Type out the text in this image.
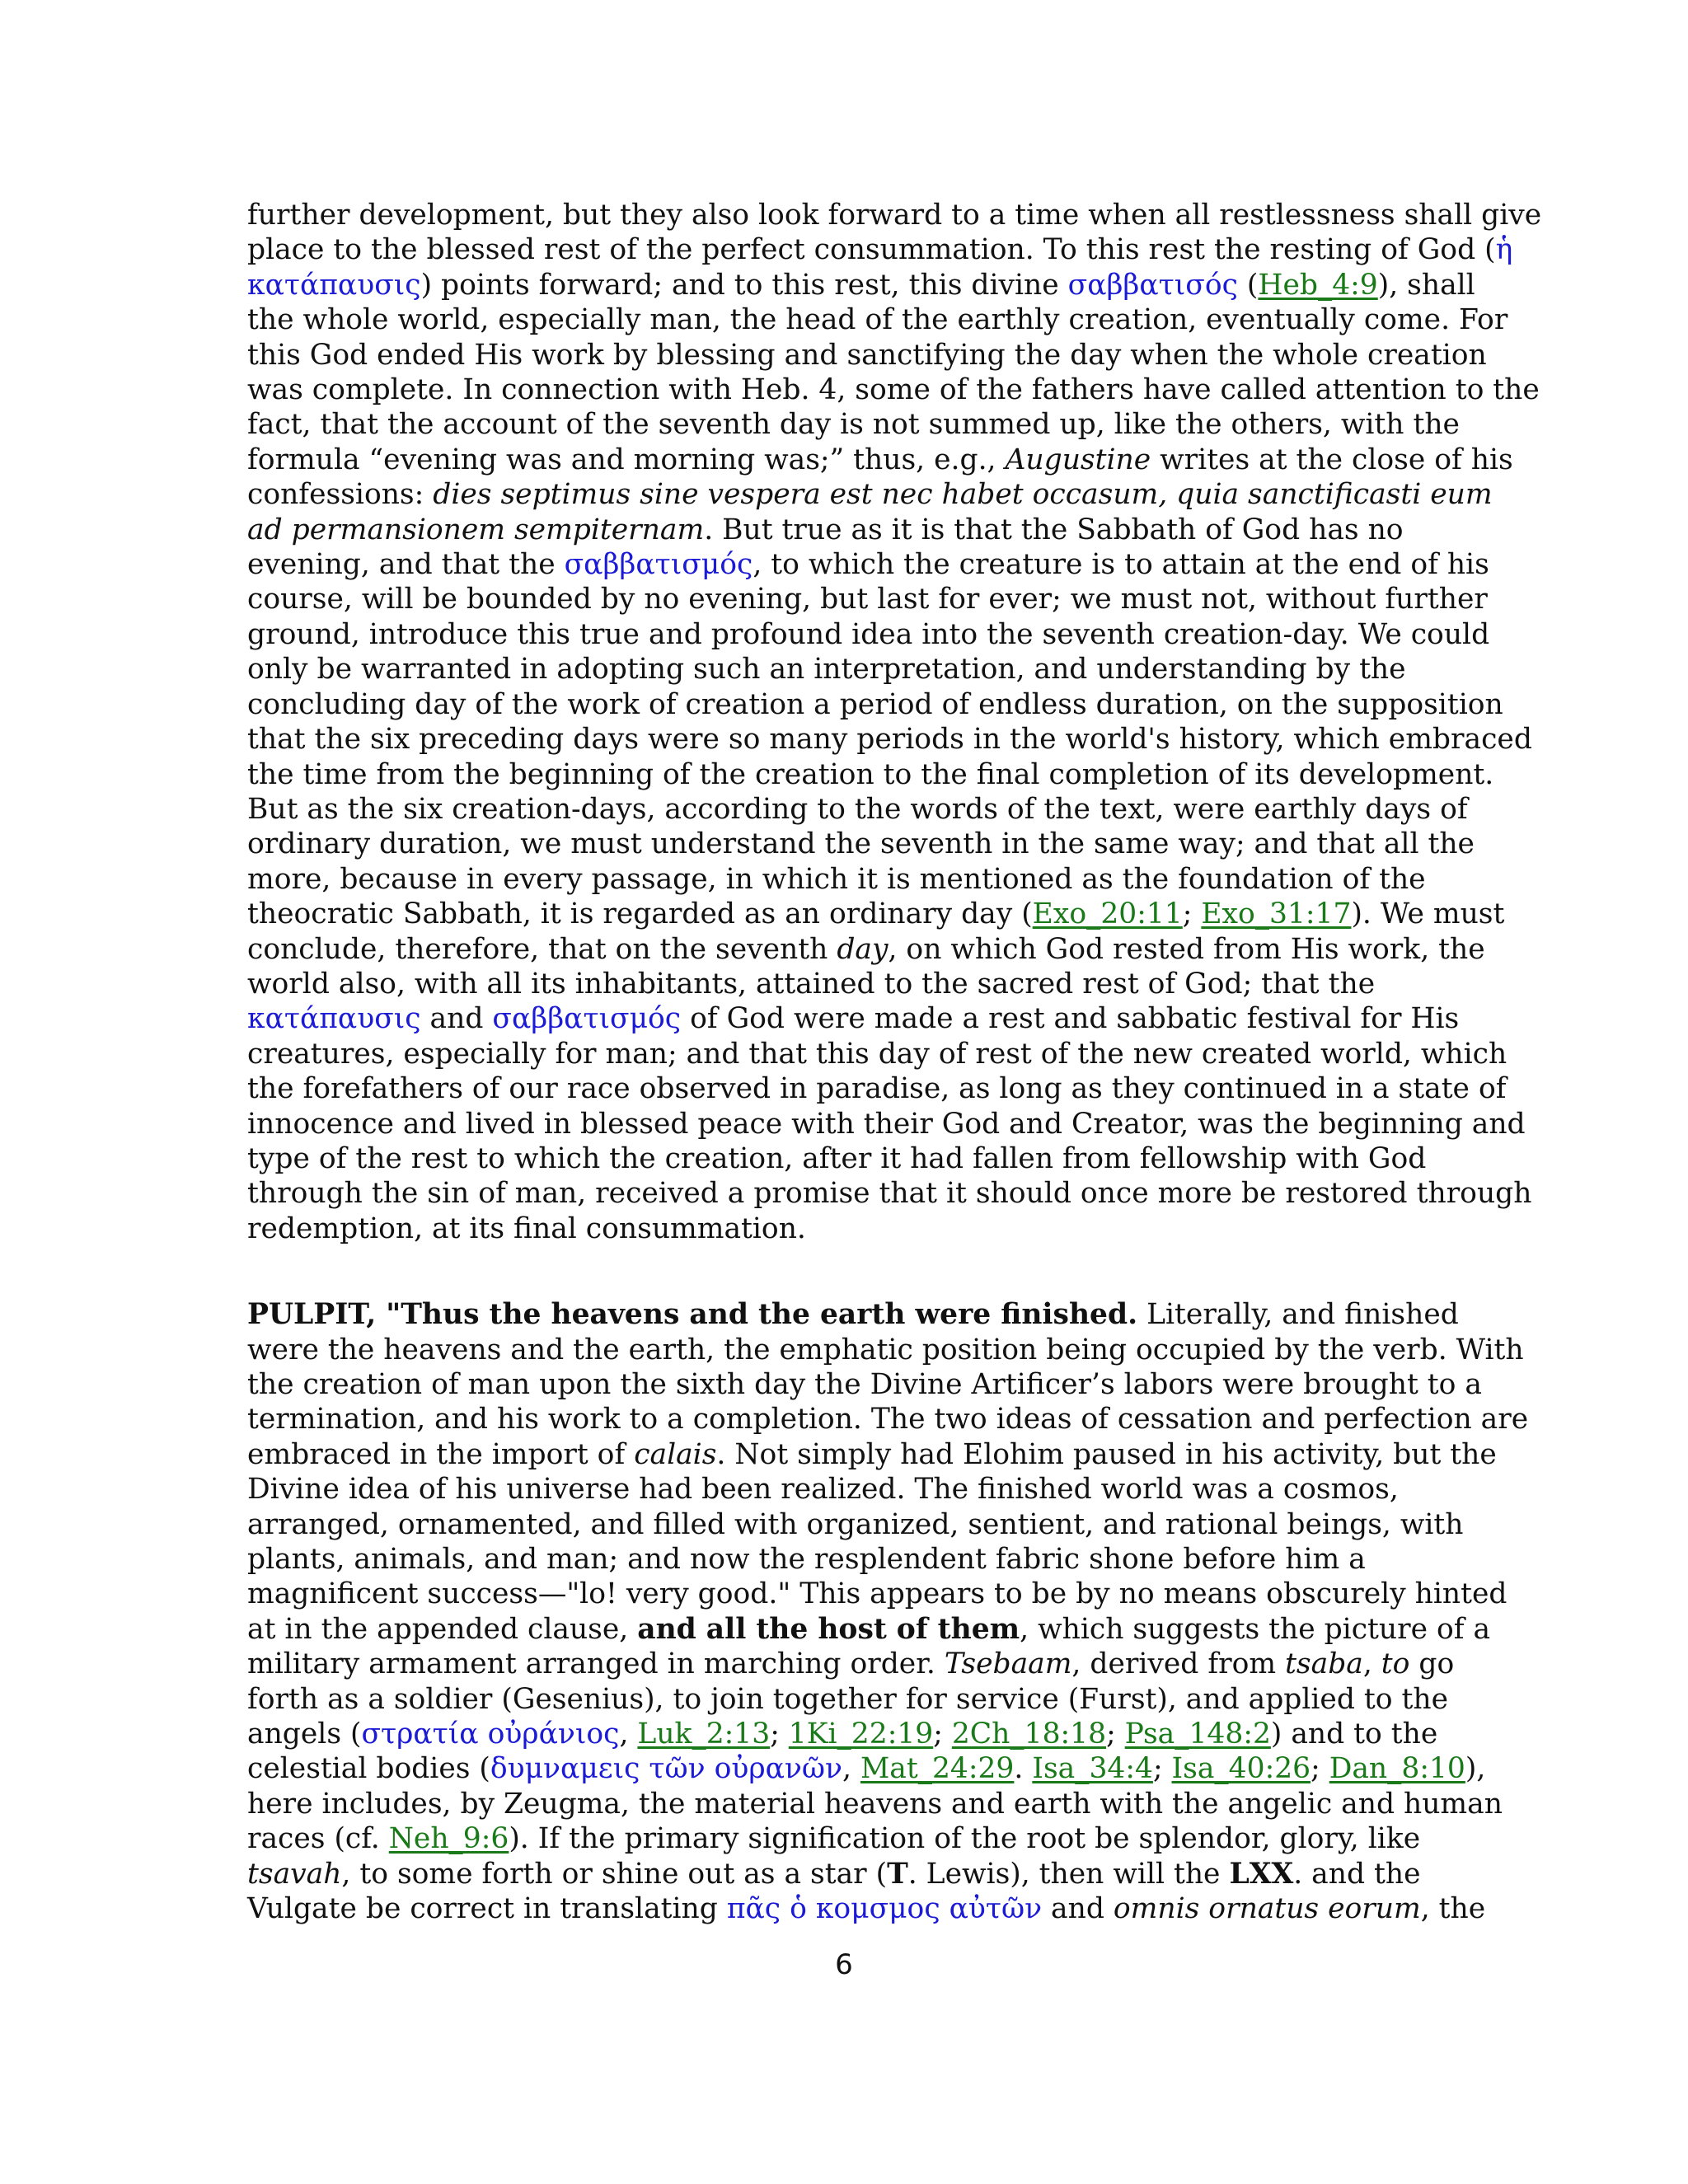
further development, but they also look forward to a time when all restlessness shall give
place to the blessed rest of the perfect consummation. To this rest the resting of God (ἡ
κατάπαυσις) points forward; and to this rest, this divine σαββατισός (Heb_4:9), shall
the whole world, especially man, the head of the earthly creation, eventually come. For
this God ended His work by blessing and sanctifying the day when the whole creation
was complete. In connection with Heb. 4, some of the fathers have called attention to the
fact, that the account of the seventh day is not summed up, like the others, with the
formula “evening was and morning was;” thus, e.g., Augustine writes at the close of his
confessions: dies septimus sine vespera est nec habet occasum, quia sanctificasti eum
ad permansionem sempiternam. But true as it is that the Sabbath of God has no
evening, and that the σαββατισμός, to which the creature is to attain at the end of his
course, will be bounded by no evening, but last for ever; we must not, without further
ground, introduce this true and profound idea into the seventh creation-day. We could
only be warranted in adopting such an interpretation, and understanding by the
concluding day of the work of creation a period of endless duration, on the supposition
that the six preceding days were so many periods in the world's history, which embraced
the time from the beginning of the creation to the final completion of its development.
But as the six creation-days, according to the words of the text, were earthly days of
ordinary duration, we must understand the seventh in the same way; and that all the
more, because in every passage, in which it is mentioned as the foundation of the
theocratic Sabbath, it is regarded as an ordinary day (Exo_20:11; Exo_31:17). We must
conclude, therefore, that on the seventh day, on which God rested from His work, the
world also, with all its inhabitants, attained to the sacred rest of God; that the
κατάπαυσις and σαββατισμός of God were made a rest and sabbatic festival for His
creatures, especially for man; and that this day of rest of the new created world, which
the forefathers of our race observed in paradise, as long as they continued in a state of
innocence and lived in blessed peace with their God and Creator, was the beginning and
type of the rest to which the creation, after it had fallen from fellowship with God
through the sin of man, received a promise that it should once more be restored through
redemption, at its final consummation.
PULPIT, "Thus the heavens and the earth were finished. Literally, and finished
were the heavens and the earth, the emphatic position being occupied by the verb. With
the creation of man upon the sixth day the Divine Artificer’s labors were brought to a
termination, and his work to a completion. The two ideas of cessation and perfection are
embraced in the import of calais. Not simply had Elohim paused in his activity, but the
Divine idea of his universe had been realized. The finished world was a cosmos,
arranged, ornamented, and filled with organized, sentient, and rational beings, with
plants, animals, and man; and now the resplendent fabric shone before him a
magnificent success—"lo! very good." This appears to be by no means obscurely hinted
at in the appended clause, and all the host of them, which suggests the picture of a
military armament arranged in marching order. Tsebaam, derived from tsaba, to go
forth as a soldier (Gesenius), to join together for service (Furst), and applied to the
angels (στρατία οὐράνιος, Luk_2:13; 1Ki_22:19; 2Ch_18:18; Psa_148:2) and to the
celestial bodies (δυμναμεις τῶν οὐρανῶν, Mat_24:29. Isa_34:4; Isa_40:26; Dan_8:10),
here includes, by Zeugma, the material heavens and earth with the angelic and human
races (cf. Neh_9:6). If the primary signification of the root be splendor, glory, like
tsavah, to some forth or shine out as a star (T. Lewis), then will the LXX. and the
Vulgate be correct in translating πᾶς ὁ κομσμος αὐτῶν and omnis ornatus eorum, the
6
